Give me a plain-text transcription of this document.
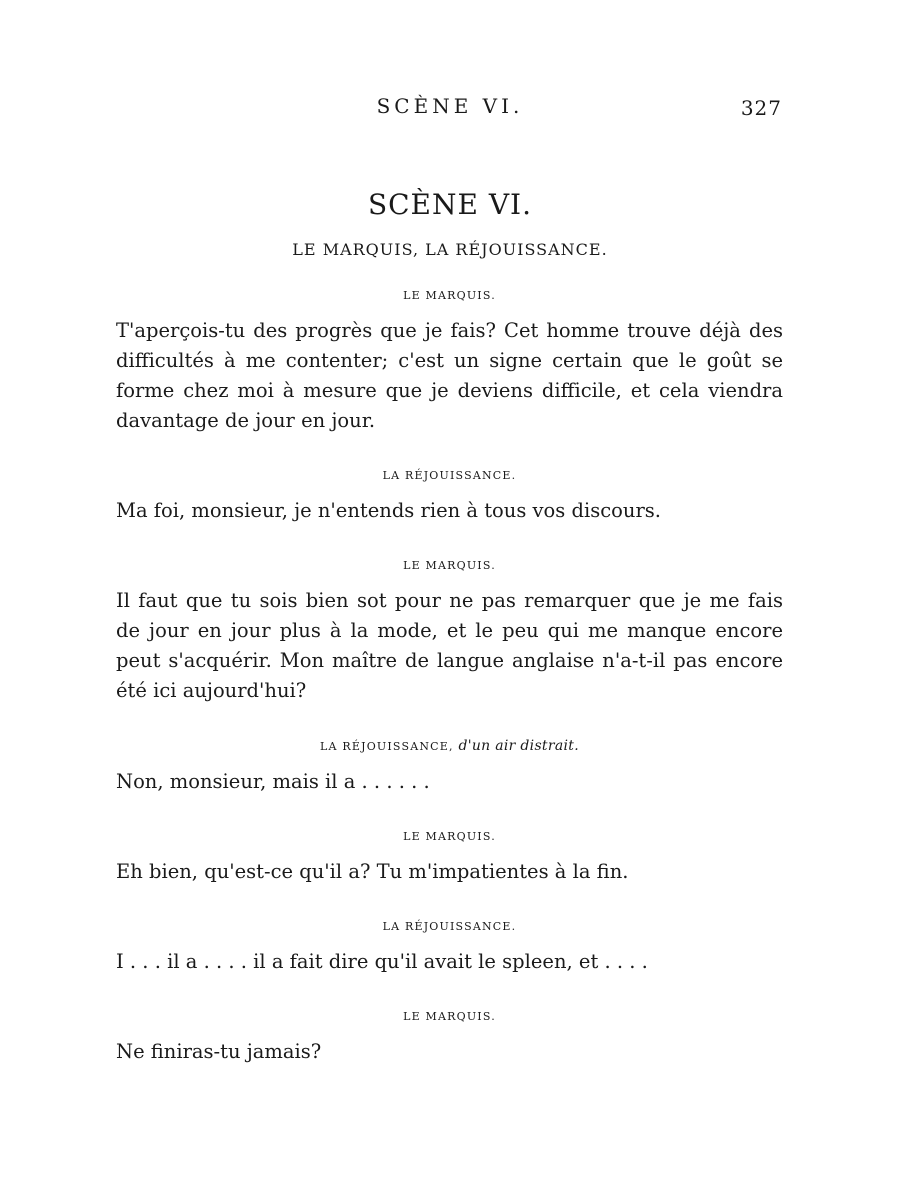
SCÈNE VI.	327
SCÈNE VI.
LE MARQUIS, LA RÉJOUISSANCE.

LE MARQUIS.

T'aperçois-tu des progrès que je fais? Cet homme trouve déjà des difficultés à me contenter; c'est un signe certain que le goût se forme chez moi à mesure que je deviens difficile, et cela viendra davantage de jour en jour.

LA RÉJOUISSANCE.

Ma foi, monsieur, je n'entends rien à tous vos discours.

LE MARQUIS.

Il faut que tu sois bien sot pour ne pas remarquer que je me fais de jour en jour plus à la mode, et le peu qui me manque encore peut s'acquérir. Mon maître de langue anglaise n'a-t-il pas encore été ici aujourd'hui?

LA RÉJOUISSANCE, d'un air distrait.

Non, monsieur, mais il a . . . . . .

LE MARQUIS.

Eh bien, qu'est-ce qu'il a? Tu m'impatientes à la fin.

LA RÉJOUISSANCE.

I . . . il a . . . . il a fait dire qu'il avait le spleen, et . . . .

LE MARQUIS.

Ne finiras-tu jamais?
